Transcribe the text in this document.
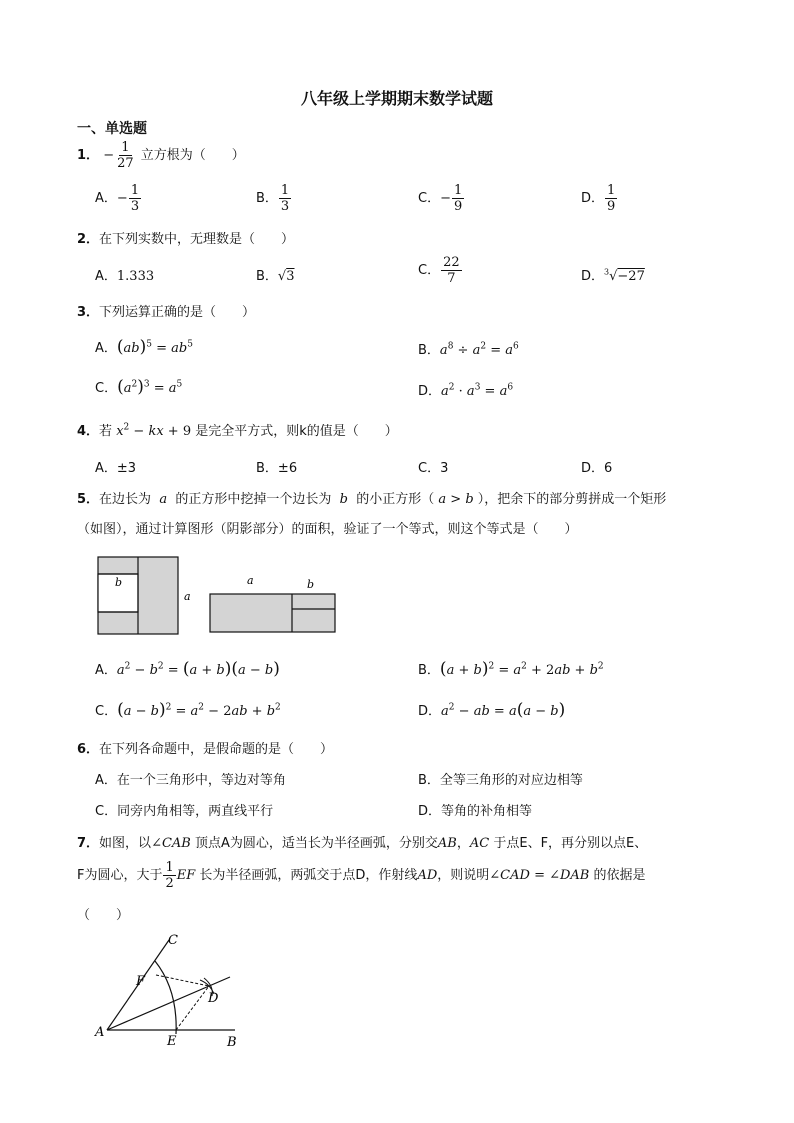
八年级上学期期末数学试题
一、单选题
1． − $\frac{1}{27}$ 立方根为（　　）
A．− $\frac{1}{3}$	B． $\frac{1}{3}$	C．− $\frac{1}{9}$	D． $\frac{1}{9}$
2．在下列实数中，无理数是（　　）
A．1.333	B．√3	C． $\frac{22}{7}$	D．$^3$√−27
3．下列运算正确的是（　　）
A．$(ab)^5 = ab^5$	B．$a^8 \div a^2 = a^6$
C．$(a^2)^3 = a^5$	D．$a^2 \cdot a^3 = a^6$
4．若 $x^2$ − kx + 9 是完全平方式，则k的值是（　　）
A．±3	B．±6	C．3	D．6
5．在边长为  a  的正方形中挖掉一个边长为  b  的小正方形（ a > b ），把余下的部分剪拼成一个矩形
（如图），通过计算图形（阴影部分）的面积，验证了一个等式，则这个等式是（　　）
b
a
a	b
A．$a^2 - b^2 = (a + b)(a - b)$	B．$(a + b)^2 = a^2 + 2ab + b^2$
C．$(a - b)^2 = a^2 - 2ab + b^2$	D．$a^2$ − ab = a(a − b)
6．在下列各命题中，是假命题的是（　　）
A．在一个三角形中，等边对等角	B．全等三角形的对应边相等
C．同旁内角相等，两直线平行	D．等角的补角相等
7．如图，以∠CAB 顶点A为圆心，适当长为半径画弧，分别交AB，AC 于点E、F，再分别以点E、
F为圆心，大于 $\frac{1}{2}$ EF 长为半径画弧，两弧交于点D，作射线AD，则说明∠CAD = ∠DAB 的依据是
（　　）
C
F
D
A
E	B
